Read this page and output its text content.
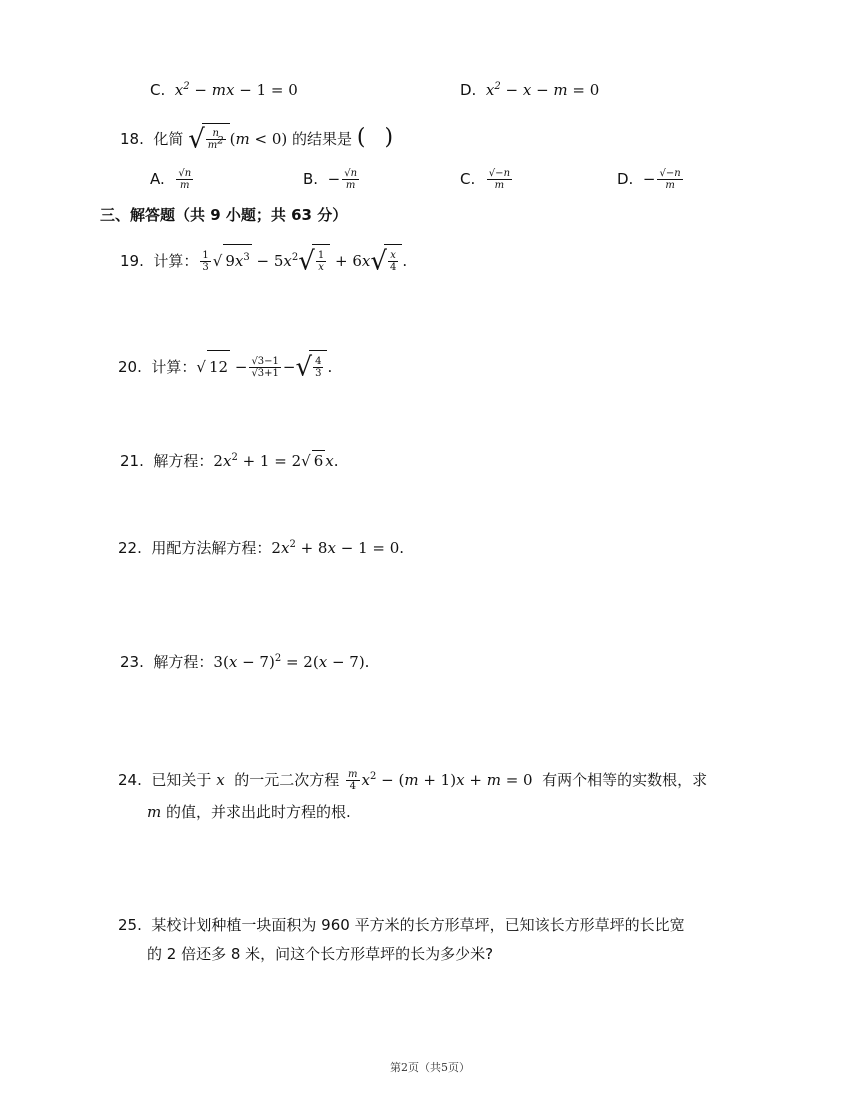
C. $x^2$ − mx − 1 = 0	D. $x^2 - x - m = 0$
18. 化简 √ $\frac{n}{m^2} (m < 0)$ 的结果是 ( )
A. $\frac{√n}{m}$	B. − $\frac{√n}{m}$	C. $\frac{√-n}{m}$	D. − $\frac{√-n}{m}$
三、解答题（共 9 小题；共 63 分）
19. 计算： $\frac{1}{3}$ √ $9x^3 - 5x^2√ \frac{1}{x} + 6x√ \frac{x}{4}$ .
20. 计算：√ $12 - \frac{√3-1}{√3+1}$ −√ $\frac{4}{3}$ .
21. 解方程：$2x^2 + 1 = 2√$ 6 x.
22. 用配方法解方程：$2x^2 + 8x - 1 = 0$.
23. 解方程：$3(x - 7)^2 = 2(x - 7)$.
24. 已知关于 x 的一元二次方程 $\frac{m}{4} x^2 - (m + 1)x + m = 0$ 有两个相等的实数根，求
m 的值，并求出此时方程的根.
25. 某校计划种植一块面积为 960 平方米的长方形草坪，已知该长方形草坪的长比宽
的 2 倍还多 8 米，问这个长方形草坪的长为多少米?
第2页（共5页）
